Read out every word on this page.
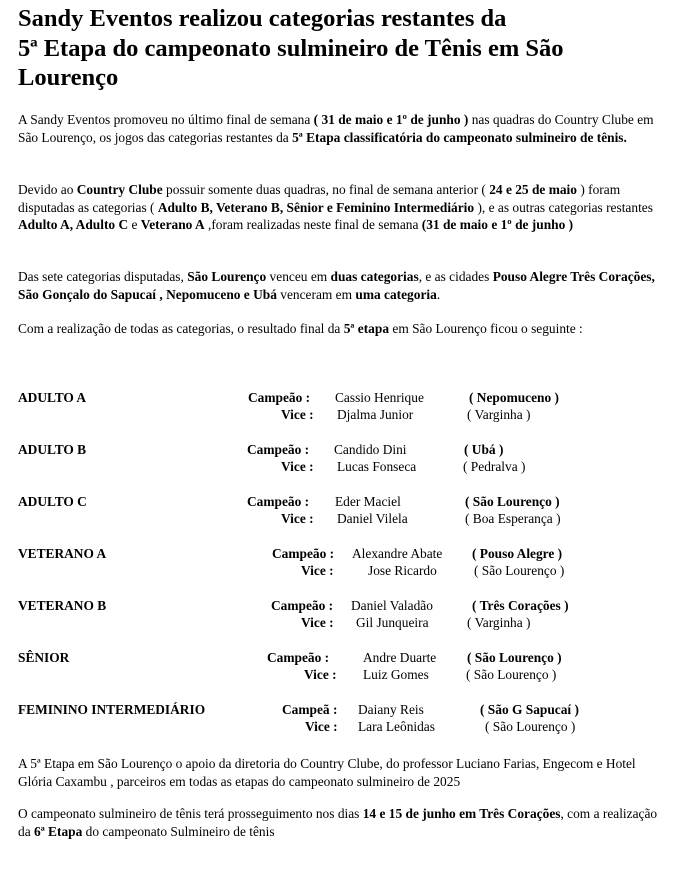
Sandy Eventos realizou categorias restantes da
5ª Etapa do campeonato sulmineiro de Tênis em São
Lourenço
A Sandy Eventos promoveu no último final de semana ( 31 de maio e 1º de junho ) nas quadras do Country Clube em São Lourenço, os jogos das categorias restantes da 5ª Etapa classificatória do campeonato sulmineiro de tênis.
Devido ao Country Clube possuir somente duas quadras, no final de semana anterior ( 24 e 25 de maio ) foram disputadas as categorias ( Adulto B, Veterano B, Sênior e Feminino Intermediário ), e as outras categorias restantes Adulto A, Adulto C e Veterano A ,foram realizadas neste final de semana (31 de maio e 1º de junho )
Das sete categorias disputadas, São Lourenço venceu em duas categorias, e as cidades Pouso Alegre Três Corações, São Gonçalo do Sapucaí , Nepomuceno e Ubá venceram em uma categoria.
Com a realização de todas as categorias, o resultado final da 5ª etapa em São Lourenço ficou o seguinte :
ADULTO A	Campeão : Cassio Henrique	( Nepomuceno )
Vice : Djalma Junior	( Varginha )
ADULTO B	Campeão : Candido Dini	( Ubá )
Vice : Lucas Fonseca	( Pedralva )
ADULTO C	Campeão : Eder Maciel	( São Lourenço )
Vice : Daniel Vilela	( Boa Esperança )
VETERANO A	Campeão : Alexandre Abate ( Pouso Alegre )
Vice :	Jose Ricardo	( São Lourenço )
VETERANO B	Campeão : Daniel Valadão	( Três Corações )
Vice : Gil Junqueira	( Varginha )
SÊNIOR	Campeão :	Andre Duarte ( São Lourenço )
Vice : Luiz Gomes	( São Lourenço )
FEMININO INTERMEDIÁRIO	Campeã : Daiany Reis	( São G Sapucaí )
Vice : Lara Leônidas	( São Lourenço )
A 5ª Etapa em São Lourenço o apoio da diretoria do Country Clube, do professor Luciano Farias, Engecom e Hotel Glória Caxambu , parceiros em todas as etapas do campeonato sulmineiro de 2025
O campeonato sulmineiro de tênis terá prosseguimento nos dias 14 e 15 de junho em Três Corações, com a realização da 6ª Etapa do campeonato Sulmineiro de tênis
